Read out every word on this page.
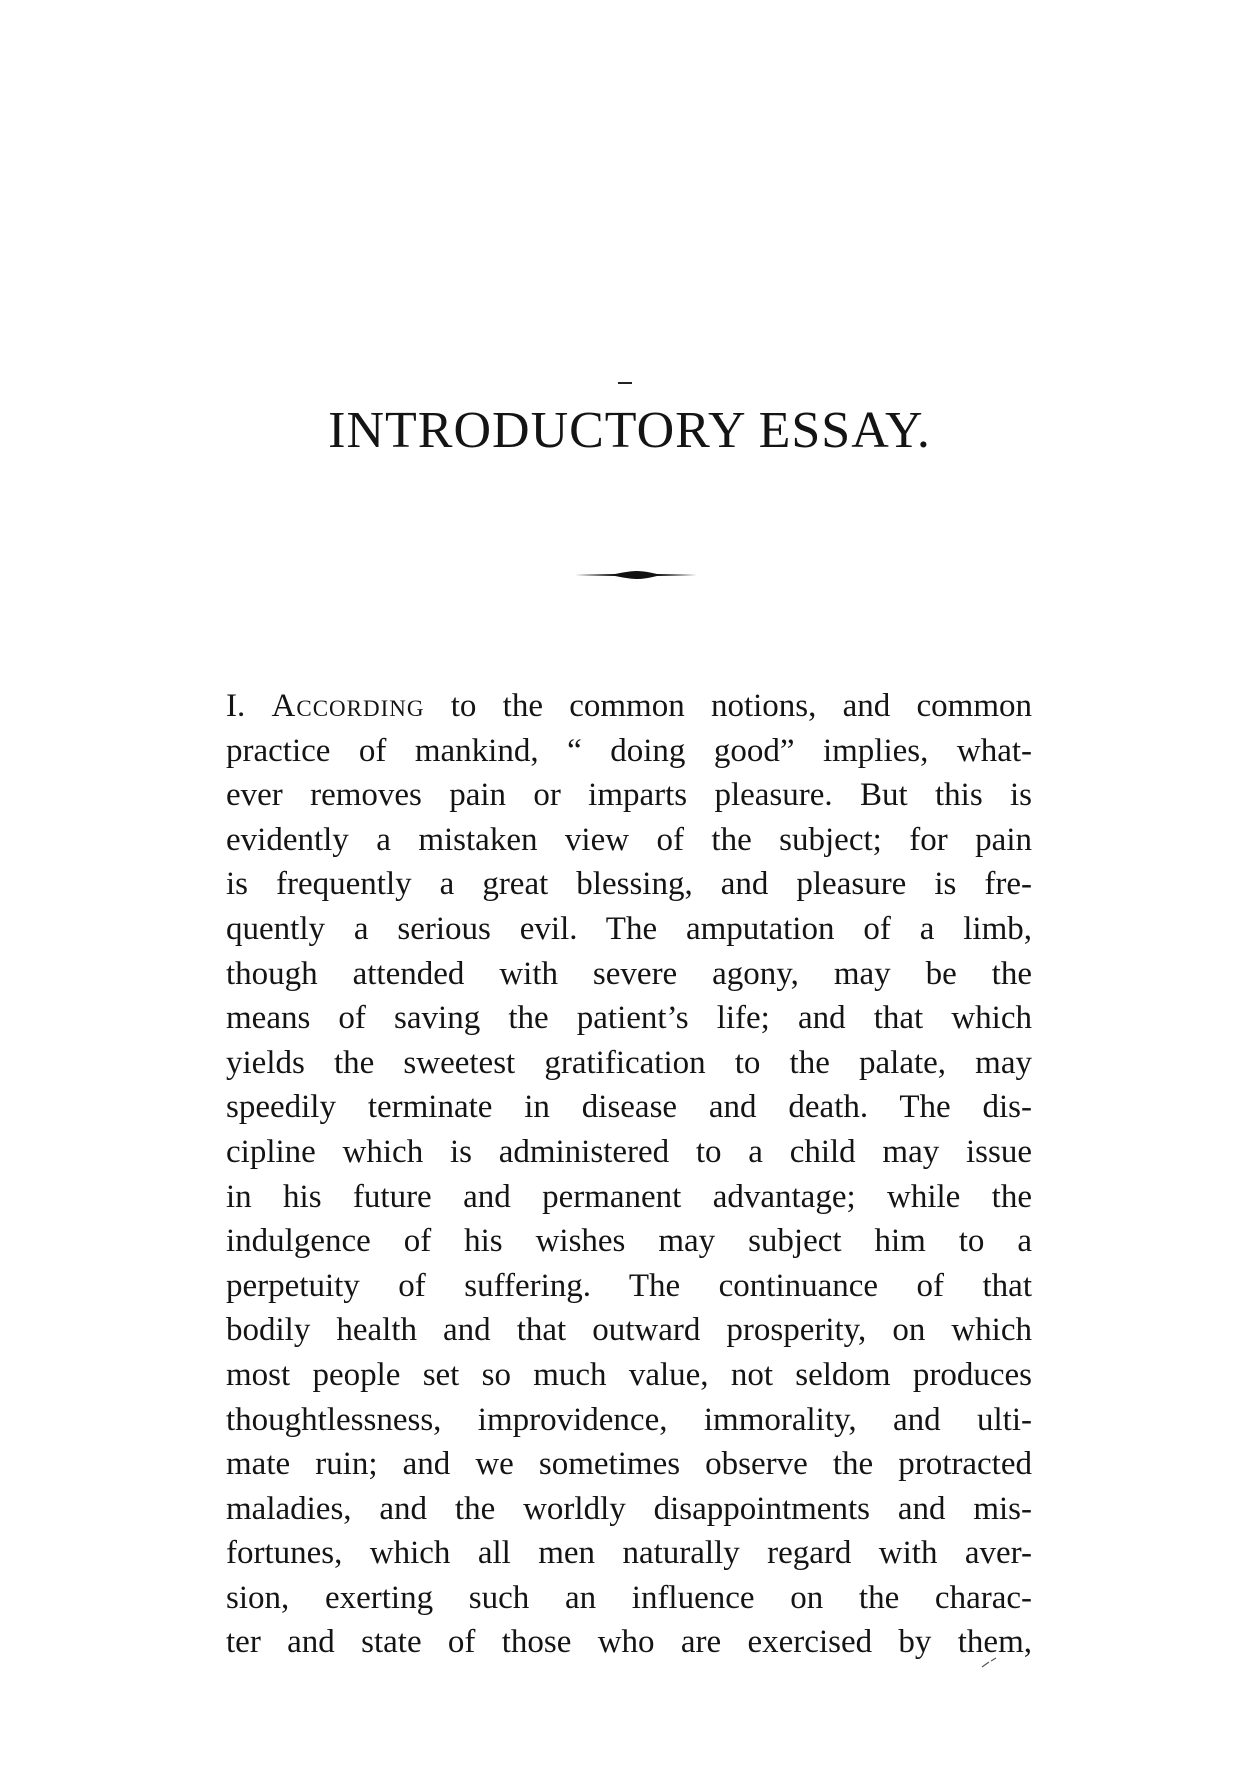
INTRODUCTORY ESSAY.
I. According to the common notions, and common
practice of mankind, “ doing good” implies, what-
ever removes pain or imparts pleasure. But this is
evidently a mistaken view of the subject; for pain
is frequently a great blessing, and pleasure is fre-
quently a serious evil. The amputation of a limb,
though attended with severe agony, may be the
means of saving the patient’s life; and that which
yields the sweetest gratification to the palate, may
speedily terminate in disease and death. The dis-
cipline which is administered to a child may issue
in his future and permanent advantage; while the
indulgence of his wishes may subject him to a
perpetuity of suffering. The continuance of that
bodily health and that outward prosperity, on which
most people set so much value, not seldom produces
thoughtlessness, improvidence, immorality, and ulti-
mate ruin; and we sometimes observe the protracted
maladies, and the worldly disappointments and mis-
fortunes, which all men naturally regard with aver-
sion, exerting such an influence on the charac-
ter and state of those who are exercised by them,
